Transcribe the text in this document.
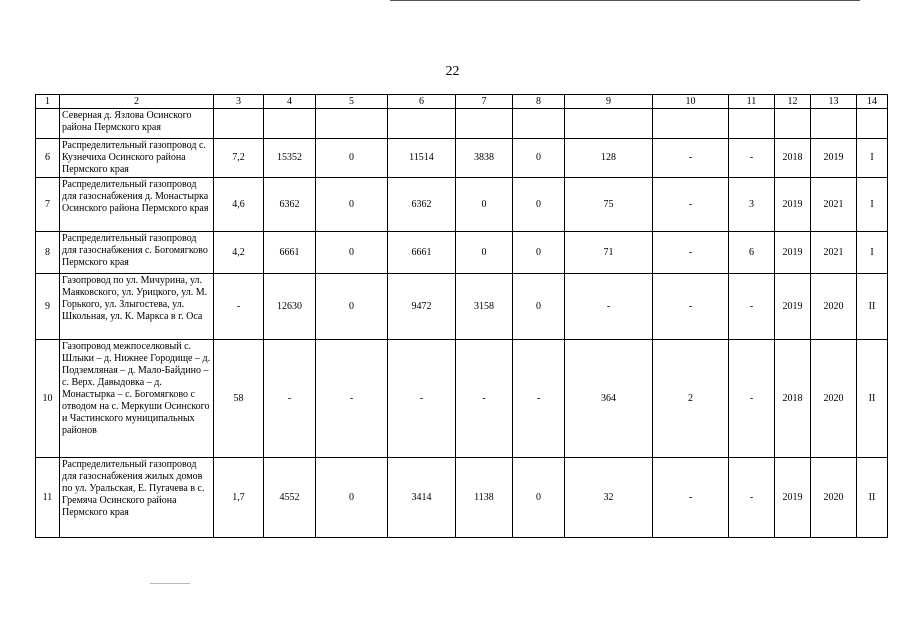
22
1	2	3	4	5	6	7	8	9	10	11	12	13	14
	Северная д. Язлова Осинского района Пермского края												
6	Распределительный газопровод с. Кузнечиха Осинского района Пермского края	7,2	15352	0	11514	3838	0	128	-	-	2018	2019	I
7	Распределительный газопровод для газоснабжения д. Монастырка Осинского района Пермского края	4,6	6362	0	6362	0	0	75	-	3	2019	2021	I
8	Распределительный газопровод для газоснабжения с. Богомягково Пермского края	4,2	6661	0	6661	0	0	71	-	6	2019	2021	I
9	Газопровод по ул. Мичурина, ул. Маяковского, ул. Урицкого, ул. М. Горького, ул. Злыгостева, ул. Школьная, ул. К. Маркса в г. Оса	-	12630	0	9472	3158	0	-	-	-	2019	2020	II
10	Газопровод межпоселковый с. Шлыки – д. Нижнее Городище – д. Подземляная – д. Мало-Байдино – с. Верх. Давыдовка – д. Монастырка – с. Богомягково с отводом на с. Меркуши Осинского и Частинского муниципальных районов	58	-	-	-	-	-	364	2	-	2018	2020	II
11	Распределительный газопровод для газоснабжения жилых домов по ул. Уральская, Е. Пугачева в с. Гремяча Осинского района Пермского края	1,7	4552	0	3414	1138	0	32	-	-	2019	2020	II
